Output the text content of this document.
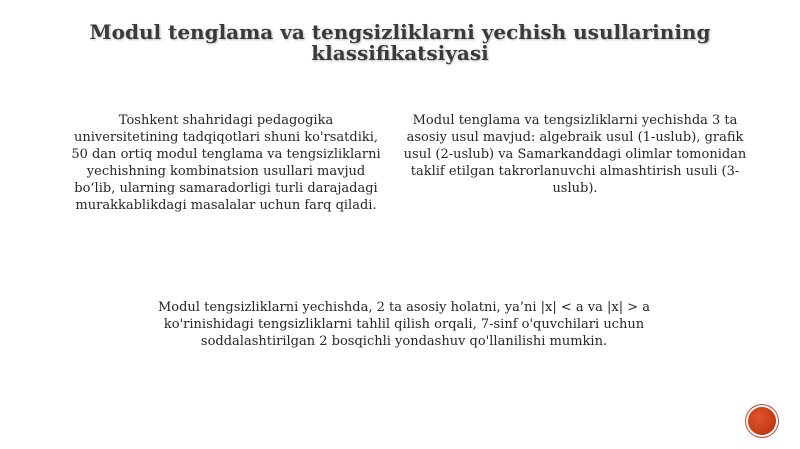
Modul tenglama va tengsizliklarni yechish usullarining klassifikatsiyasi

Toshkent shahridagi pedagogika universitetining tadqiqotlari shuni ko'rsatdiki, 50 dan ortiq modul tenglama va tengsizliklarni yechishning kombinatsion usullari mavjud bo‘lib, ularning samaradorligi turli darajadagi murakkablikdagi masalalar uchun farq qiladi.

Modul tenglama va tengsizliklarni yechishda 3 ta asosiy usul mavjud: algebraik usul (1-uslub), grafik usul (2-uslub) va Samarkanddagi olimlar tomonidan taklif etilgan takrorlanuvchi almashtirish usuli (3-uslub).

Modul tengsizliklarni yechishda, 2 ta asosiy holatni, ya’ni |x| < a va |x| > a ko'rinishidagi tengsizliklarni tahlil qilish orqali, 7-sinf o'quvchilari uchun soddalashtirilgan 2 bosqichli yondashuv qo'llanilishi mumkin.
